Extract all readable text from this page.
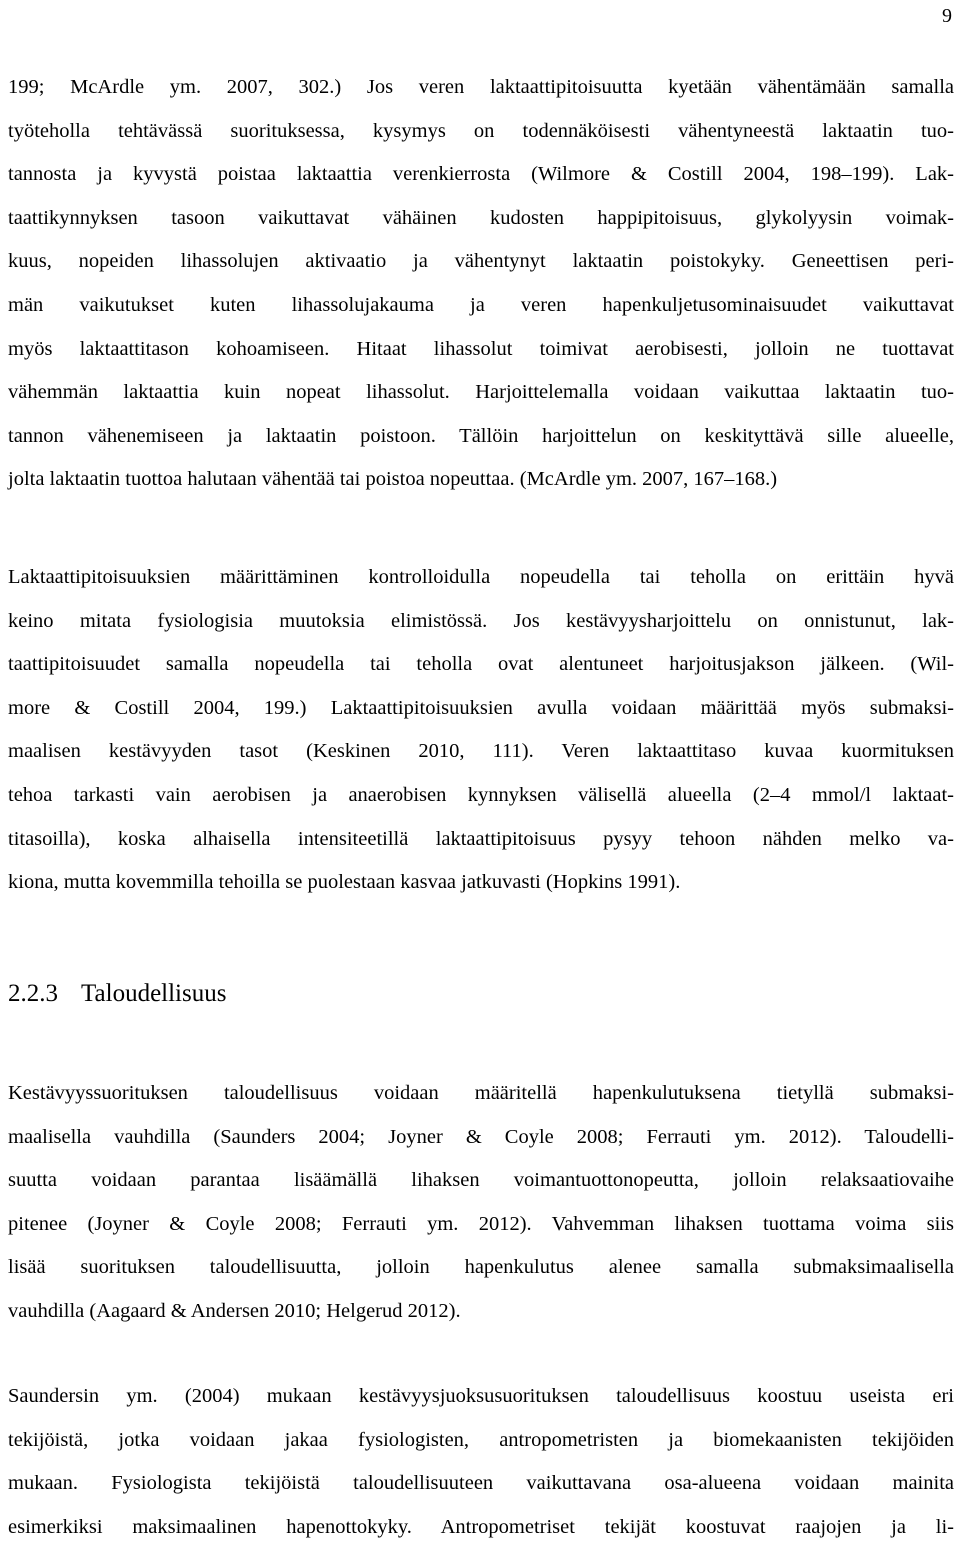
9
199; McArdle ym. 2007, 302.) Jos veren laktaattipitoisuutta kyetään vähentämään samalla
työteholla tehtävässä suorituksessa, kysymys on todennäköisesti vähentyneestä laktaatin tuo-
tannosta ja kyvystä poistaa laktaattia verenkierrosta (Wilmore & Costill 2004, 198–199). Lak-
taattikynnyksen tasoon vaikuttavat vähäinen kudosten happipitoisuus, glykolyysin voimak-
kuus, nopeiden lihassolujen aktivaatio ja vähentynyt laktaatin poistokyky. Geneettisen peri-
män vaikutukset kuten lihassolujakauma ja veren hapenkuljetusominaisuudet vaikuttavat
myös laktaattitason kohoamiseen. Hitaat lihassolut toimivat aerobisesti, jolloin ne tuottavat
vähemmän laktaattia kuin nopeat lihassolut. Harjoittelemalla voidaan vaikuttaa laktaatin tuo-
tannon vähenemiseen ja laktaatin poistoon. Tällöin harjoittelun on keskityttävä sille alueelle,
jolta laktaatin tuottoa halutaan vähentää tai poistoa nopeuttaa. (McArdle ym. 2007, 167–168.)
Laktaattipitoisuuksien määrittäminen kontrolloidulla nopeudella tai teholla on erittäin hyvä
keino mitata fysiologisia muutoksia elimistössä. Jos kestävyysharjoittelu on onnistunut, lak-
taattipitoisuudet samalla nopeudella tai teholla ovat alentuneet harjoitusjakson jälkeen. (Wil-
more & Costill 2004, 199.) Laktaattipitoisuuksien avulla voidaan määrittää myös submaksi-
maalisen kestävyyden tasot (Keskinen 2010, 111). Veren laktaattitaso kuvaa kuormituksen
tehoa tarkasti vain aerobisen ja anaerobisen kynnyksen välisellä alueella (2–4 mmol/l laktaat-
titasoilla), koska alhaisella intensiteetillä laktaattipitoisuus pysyy tehoon nähden melko va-
kiona, mutta kovemmilla tehoilla se puolestaan kasvaa jatkuvasti (Hopkins 1991).
2.2.3 Taloudellisuus
Kestävyyssuorituksen taloudellisuus voidaan määritellä hapenkulutuksena tietyllä submaksi-
maalisella vauhdilla (Saunders 2004; Joyner & Coyle 2008; Ferrauti ym. 2012). Taloudelli-
suutta voidaan parantaa lisäämällä lihaksen voimantuottonopeutta, jolloin relaksaatiovaihe
pitenee (Joyner & Coyle 2008; Ferrauti ym. 2012). Vahvemman lihaksen tuottama voima siis
lisää suorituksen taloudellisuutta, jolloin hapenkulutus alenee samalla submaksimaalisella
vauhdilla (Aagaard & Andersen 2010; Helgerud 2012).
Saundersin ym. (2004) mukaan kestävyysjuoksusuorituksen taloudellisuus koostuu useista eri
tekijöistä, jotka voidaan jakaa fysiologisten, antropometristen ja biomekaanisten tekijöiden
mukaan. Fysiologista tekijöistä taloudellisuuteen vaikuttavana osa-alueena voidaan mainita
esimerkiksi maksimaalinen hapenottokyky. Antropometriset tekijät koostuvat raajojen ja li-
